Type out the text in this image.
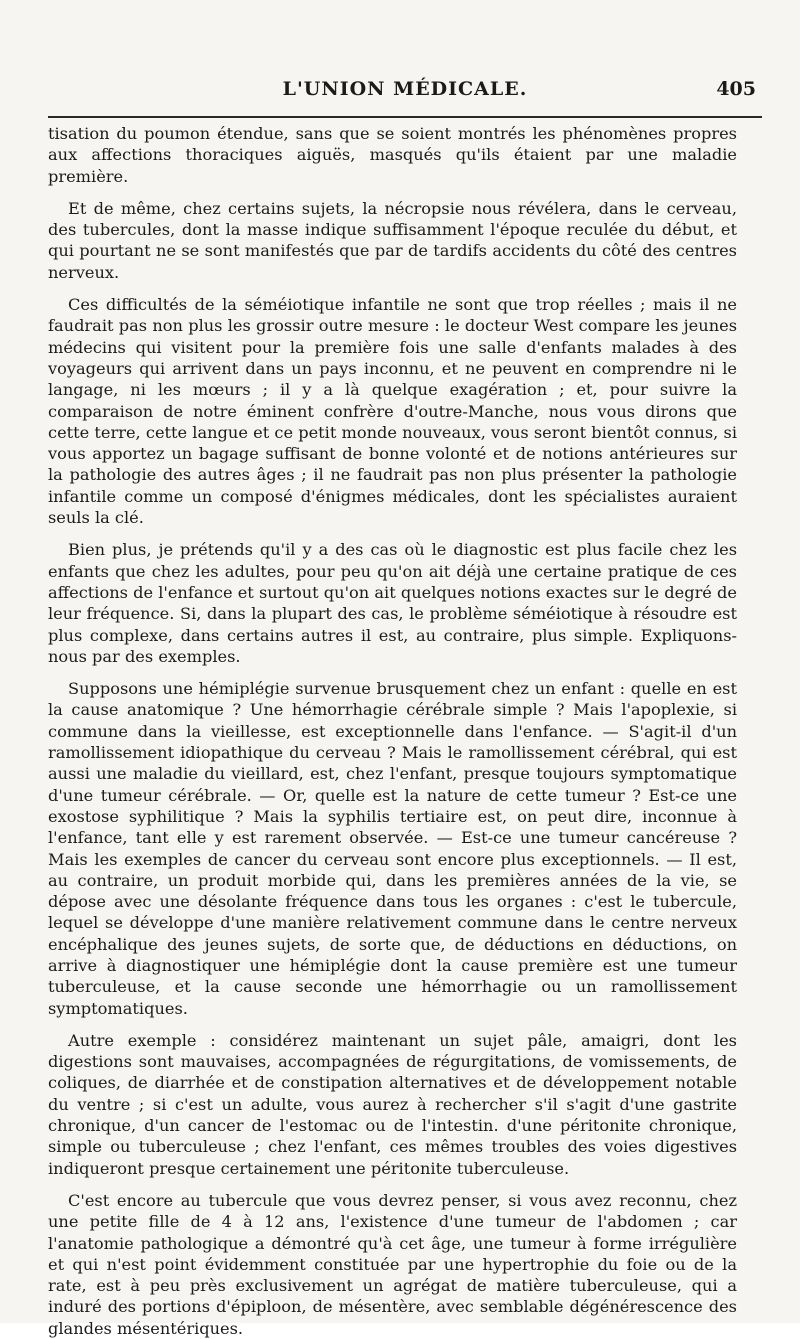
L'UNION MÉDICALE.	405

tisation du poumon étendue, sans que se soient montrés les phénomènes propres aux affections thoraciques aiguës, masqués qu'ils étaient par une maladie première.

Et de même, chez certains sujets, la nécropsie nous révélera, dans le cerveau, des tubercules, dont la masse indique suffisamment l'époque reculée du début, et qui pourtant ne se sont manifestés que par de tardifs accidents du côté des centres nerveux.

Ces difficultés de la séméiotique infantile ne sont que trop réelles ; mais il ne faudrait pas non plus les grossir outre mesure : le docteur West compare les jeunes médecins qui visitent pour la première fois une salle d'enfants malades à des voyageurs qui arrivent dans un pays inconnu, et ne peuvent en comprendre ni le langage, ni les mœurs ; il y a là quelque exagération ; et, pour suivre la comparaison de notre éminent confrère d'outre-Manche, nous vous dirons que cette terre, cette langue et ce petit monde nouveaux, vous seront bientôt connus, si vous apportez un bagage suffisant de bonne volonté et de notions antérieures sur la pathologie des autres âges ; il ne faudrait pas non plus présenter la pathologie infantile comme un composé d'énigmes médicales, dont les spécialistes auraient seuls la clé.

Bien plus, je prétends qu'il y a des cas où le diagnostic est plus facile chez les enfants que chez les adultes, pour peu qu'on ait déjà une certaine pratique de ces affections de l'enfance et surtout qu'on ait quelques notions exactes sur le degré de leur fréquence. Si, dans la plupart des cas, le problème séméiotique à résoudre est plus complexe, dans certains autres il est, au contraire, plus simple. Expliquons-nous par des exemples.

Supposons une hémiplégie survenue brusquement chez un enfant : quelle en est la cause anatomique ? Une hémorrhagie cérébrale simple ? Mais l'apoplexie, si commune dans la vieillesse, est exceptionnelle dans l'enfance. — S'agit-il d'un ramollissement idiopathique du cerveau ? Mais le ramollissement cérébral, qui est aussi une maladie du vieillard, est, chez l'enfant, presque toujours symptomatique d'une tumeur cérébrale. — Or, quelle est la nature de cette tumeur ? Est-ce une exostose syphilitique ? Mais la syphilis tertiaire est, on peut dire, inconnue à l'enfance, tant elle y est rarement observée. — Est-ce une tumeur cancéreuse ? Mais les exemples de cancer du cerveau sont encore plus exceptionnels. — Il est, au contraire, un produit morbide qui, dans les premières années de la vie, se dépose avec une désolante fréquence dans tous les organes : c'est le tubercule, lequel se développe d'une manière relativement commune dans le centre nerveux encéphalique des jeunes sujets, de sorte que, de déductions en déductions, on arrive à diagnostiquer une hémiplégie dont la cause première est une tumeur tuberculeuse, et la cause seconde une hémorrhagie ou un ramollissement symptomatiques.

Autre exemple : considérez maintenant un sujet pâle, amaigri, dont les digestions sont mauvaises, accompagnées de régurgitations, de vomissements, de coliques, de diarrhée et de constipation alternatives et de développement notable du ventre ; si c'est un adulte, vous aurez à rechercher s'il s'agit d'une gastrite chronique, d'un cancer de l'estomac ou de l'intestin. d'une péritonite chronique, simple ou tuberculeuse ; chez l'enfant, ces mêmes troubles des voies digestives indiqueront presque certainement une péritonite tuberculeuse.

C'est encore au tubercule que vous devrez penser, si vous avez reconnu, chez une petite fille de 4 à 12 ans, l'existence d'une tumeur de l'abdomen ; car l'anatomie pathologique a démontré qu'à cet âge, une tumeur à forme irrégulière et qui n'est point évidemment constituée par une hypertrophie du foie ou de la rate, est à peu près exclusivement un agrégat de matière tuberculeuse, qui a induré des portions d'épiploon, de mésentère, avec semblable dégénérescence des glandes mésentériques.
